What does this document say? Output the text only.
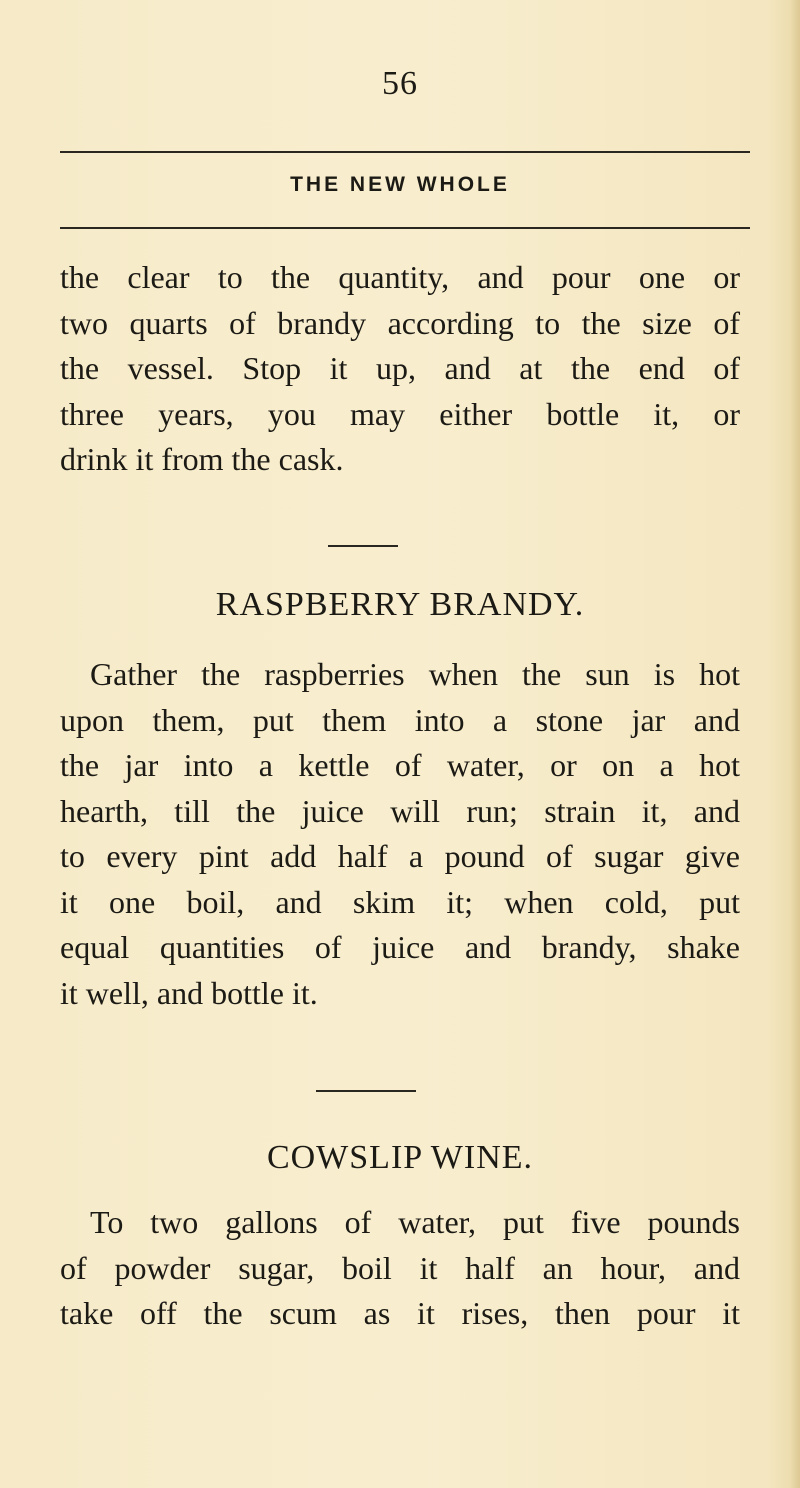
56
THE NEW WHOLE
the clear to the quantity, and pour one or
two quarts of brandy according to the size of
the vessel. Stop it up, and at the end of
three years, you may either bottle it, or
drink it from the cask.
RASPBERRY BRANDY.
Gather the raspberries when the sun is hot
upon them, put them into a stone jar and
the jar into a kettle of water, or on a hot
hearth, till the juice will run; strain it, and
to every pint add half a pound of sugar give
it one boil, and skim it; when cold, put
equal quantities of juice and brandy, shake
it well, and bottle it.
COWSLIP WINE.
To two gallons of water, put five pounds
of powder sugar, boil it half an hour, and
take off the scum as it rises, then pour it
